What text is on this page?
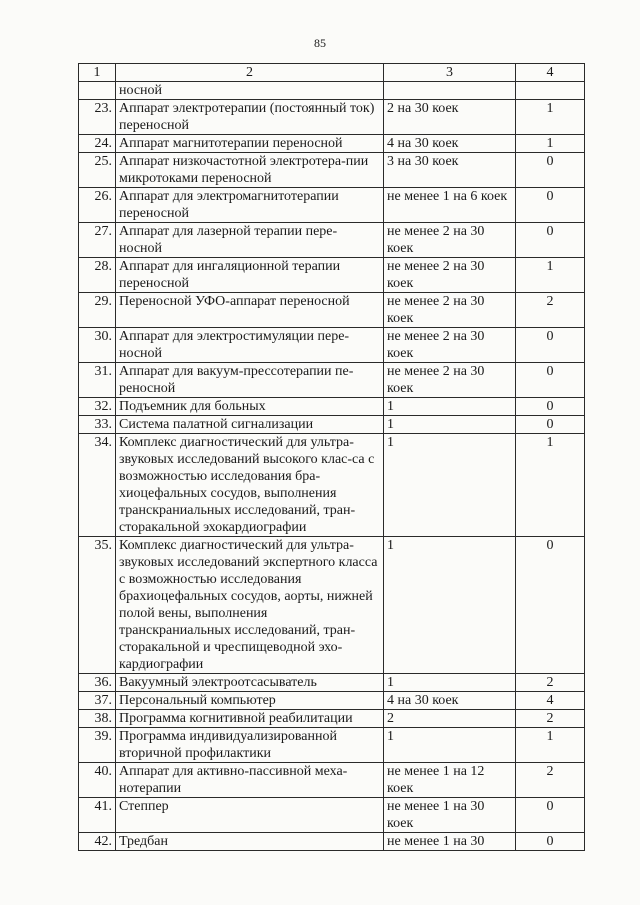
85
1	2	3	4
	носной		
23.	Аппарат электротерапии (постоянный ток) переносной	2 на 30 коек	1
24.	Аппарат магнитотерапии переносной	4 на 30 коек	1
25.	Аппарат низкочастотной электротера-пии микротоками переносной	3 на 30 коек	0
26.	Аппарат для электромагнитотерапии переносной	не менее 1 на 6 коек	0
27.	Аппарат для лазерной терапии пере-носной	не менее 2 на 30 коек	0
28.	Аппарат для ингаляционной терапии переносной	не менее 2 на 30 коек	1
29.	Переносной УФО-аппарат переносной	не менее 2 на 30 коек	2
30.	Аппарат для электростимуляции пере-носной	не менее 2 на 30 коек	0
31.	Аппарат для вакуум-прессотерапии пе-реносной	не менее 2 на 30 коек	0
32.	Подъемник для больных	1	0
33.	Система палатной сигнализации	1	0
34.	Комплекс диагностический для ультра-звуковых исследований высокого клас-са с возможностью исследования бра-хиоцефальных сосудов, выполнения транскраниальных исследований, тран-сторакальной эхокардиографии	1	1
35.	Комплекс диагностический для ультра-звуковых исследований экспертного класса с возможностью исследования брахиоцефальных сосудов, аорты, нижней полой вены, выполнения транскраниальных исследований, тран-сторакальной и чреспищеводной эхо-кардиографии	1	0
36.	Вакуумный электроотсасыватель	1	2
37.	Персональный компьютер	4 на 30 коек	4
38.	Программа когнитивной реабилитации	2	2
39.	Программа индивидуализированной вторичной профилактики	1	1
40.	Аппарат для активно-пассивной меха-нотерапии	не менее 1 на 12 коек	2
41.	Степпер	не менее 1 на 30 коек	0
42.	Тредбан	не менее 1 на 30	0
